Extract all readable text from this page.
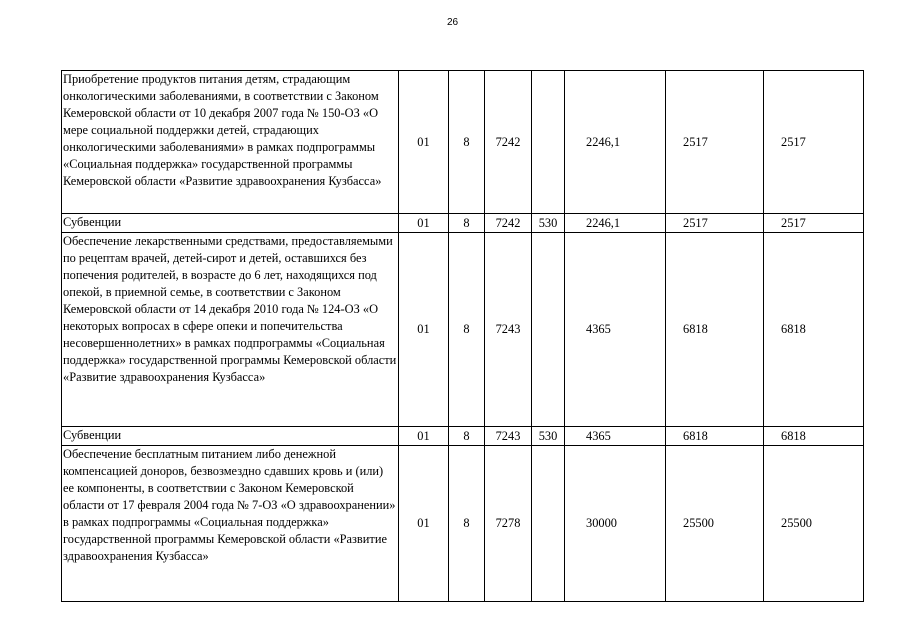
26
Приобретение продуктов питания детям, страдающим онкологическими заболеваниями, в соответствии с Законом Кемеровской области от 10 декабря 2007 года № 150-ОЗ «О мере социальной поддержки детей, страдающих онкологическими заболеваниями» в рамках подпрограммы «Социальная поддержка» государственной программы Кемеровской области «Развитие здравоохранения Кузбасса»	01	8	7242		2246,1	2517	2517
Субвенции	01	8	7242	530	2246,1	2517	2517
Обеспечение лекарственными средствами, предоставляемыми по рецептам врачей, детей-сирот и детей, оставшихся без попечения родителей, в возрасте до 6 лет, находящихся под опекой, в приемной семье, в соответствии с Законом Кемеровской области от 14 декабря 2010 года № 124-ОЗ «О некоторых вопросах в сфере опеки и попечительства несовершеннолетних» в рамках подпрограммы «Социальная поддержка» государственной программы Кемеровской области «Развитие здравоохранения Кузбасса»	01	8	7243		4365	6818	6818
Субвенции	01	8	7243	530	4365	6818	6818
Обеспечение бесплатным питанием либо денежной компенсацией доноров, безвозмездно сдавших кровь и (или) ее компоненты, в соответствии с Законом Кемеровской области от 17 февраля 2004 года № 7-ОЗ «О здравоохранении» в рамках подпрограммы «Социальная поддержка» государственной программы Кемеровской области «Развитие здравоохранения Кузбасса»	01	8	7278		30000	25500	25500
